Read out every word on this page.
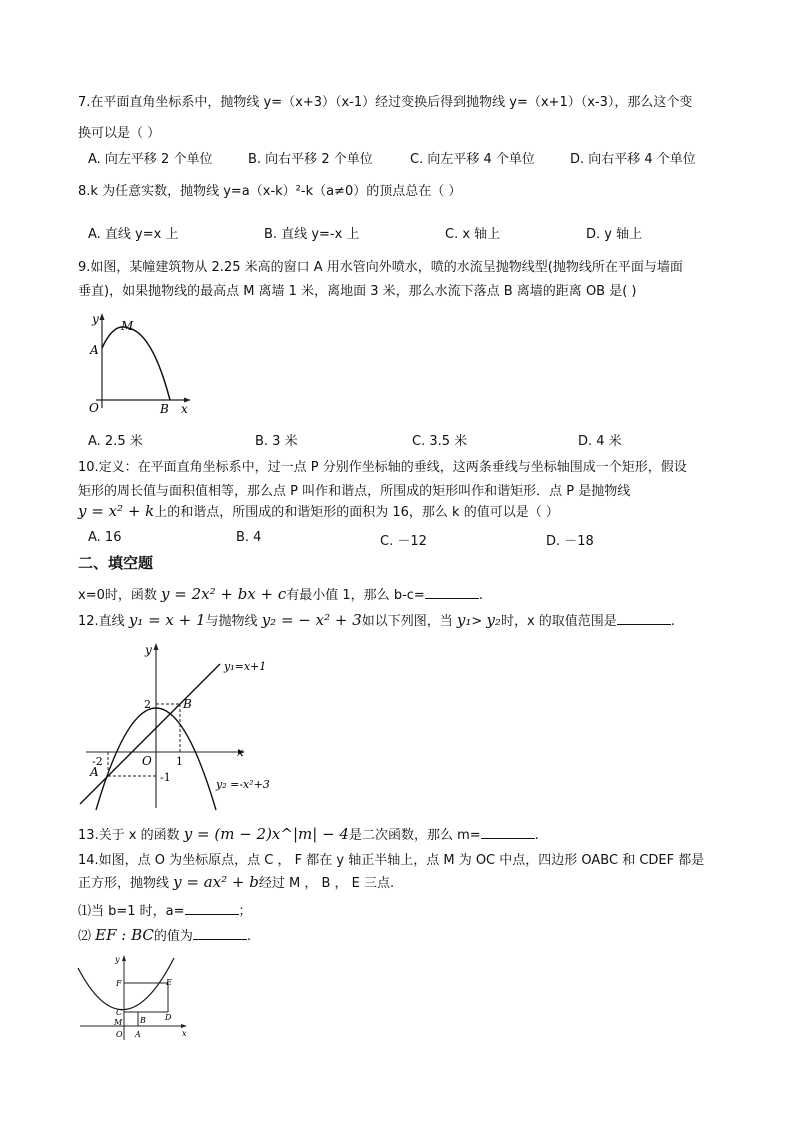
7.在平面直角坐标系中，抛物线 y=（x+3）（x-1）经过变换后得到抛物线 y=（x+1）（x-3），那么这个变
换可以是（ ）
A. 向左平移 2 个单位	B. 向右平移 2 个单位	C. 向左平移 4 个单位	D. 向右平移 4 个单位
8.k 为任意实数，抛物线 y=a（x-k）²-k（a≠0）的顶点总在（ ）
A. 直线 y=x 上	B. 直线 y=-x 上	C. x 轴上	D. y 轴上
9.如图，某幢建筑物从 2.25 米高的窗口 A 用水管向外喷水，喷的水流呈抛物线型(抛物线所在平面与墙面
垂直)，如果抛物线的最高点 M 离墙 1 米，离地面 3 米，那么水流下落点 B 离墙的距离 OB 是( )
y M
A
O	B x
A. 2.5 米	B. 3 米	C. 3.5 米	D. 4 米
10.定义：在平面直角坐标系中，过一点 P 分别作坐标轴的垂线，这两条垂线与坐标轴围成一个矩形，假设
矩形的周长值与面积值相等，那么点 P 叫作和谐点，所围成的矩形叫作和谐矩形．点 P 是抛物线
y = x² + k上的和谐点，所围成的和谐矩形的面积为 16，那么 k 的值可以是（ ）
A. 16	B. 4	C. －12	D. －18
二、填空题
x=0时，函数 y = 2x² + bx + c有最小值 1，那么 b-c=	.
12.直线 y₁ = x + 1与抛物线 y₂ = − x² + 3如以下列图，当 y₁> y₂时，x 的取值范围是	.
y
x
O
B
A
2
1
-2
-1
y₁=x+1
y₂ =-x²+3
13.关于 x 的函数 y = (m − 2)x^|m| − 4是二次函数，那么 m=	.
14.如图，点 O 为坐标原点，点 C ， F 都在 y 轴正半轴上，点 M 为 OC 中点，四边形 OABC 和 CDEF 都是
正方形，抛物线 y = ax² + b经过 M ， B ， E 三点.
⑴当 b=1 时，a=	；
⑵ EF : BC的值为	.
y
x
F	E
C
M B D
O A
